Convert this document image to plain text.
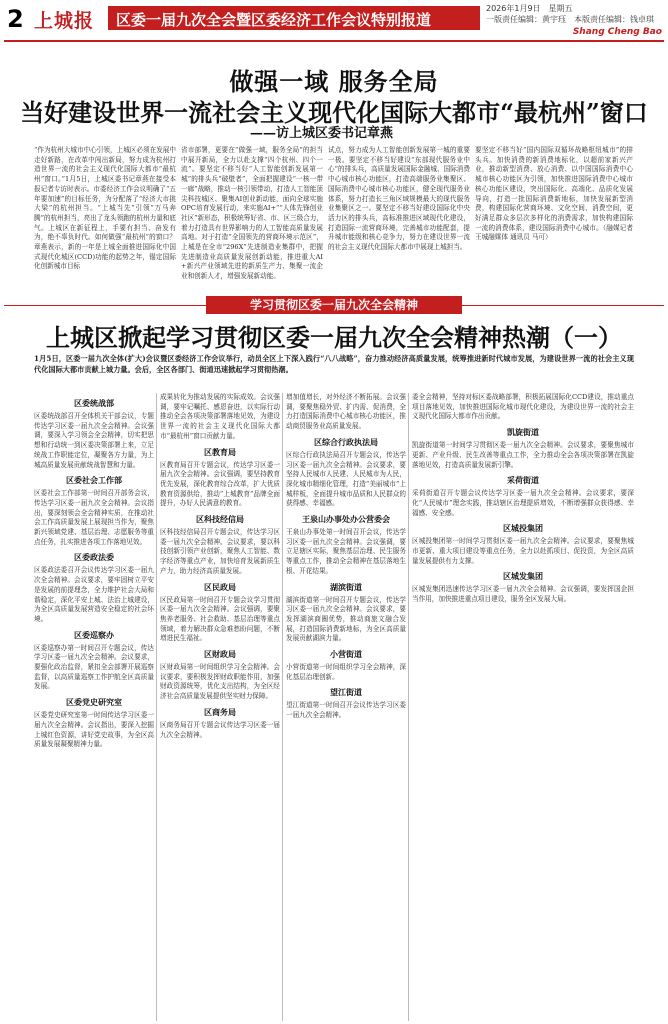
2 上城报 区委一届九次全会暨区委经济工作会议特别报道
2026年1月9日　星期五
一版责任编辑：黄宇珏　本版责任编辑：钱卓琪
Shang Cheng Bao
做强一域 服务全局
当好建设世界一流社会主义现代化国际大都市“最杭州”窗口
——访上城区委书记章燕
“作为杭州大城市中心引领，上城区必须在发展中走好新路，在改革中闯出新局，努力成为杭州打造世界一流的社会主义现代化国际大都市“最杭州”窗口。”1月5日，上城区委书记章燕在接受本报记者专访时表示。市委经济工作会议明确了“五年要加速”的目标任务，为分配落了“经济大市挑大梁”的杭州担当。“上城当先”引领“万马奔腾”的杭州担当，亮出了龙头领跑的杭州力量和底气。上城区在新征程上，手要有担当、奋发有为，绝不辜负时代。如何做强“最杭州”的窗口？章燕表示，新的一年是上城全面推进国际化中国式现代化城区(CCD)功能的起势之年，锚定国际化创新城市目标
省市部署，更要在“做强一域，服务全局”的担当中展开新局，全力以赴支撑“四个杭州、四个一流”。要坚定不移当好“人工智能创新发展第一城”的排头兵“破壁者”，全面把握建设“一核一带一廊”战略，推动一核引领带动，打造人工智能顶尖科技城区、聚集AI创业新动能，面向全球实施OPC培育发展行动，来实施AI+”“人体先锋创业社区”新形态，积极统筹好省、市、区三级合力，着力打造具有世界影响力的人工智能高质量发展高地。对于打造“全国领先的营商环境示范区”，上城是在全市“296X”先进制造业集群中，把握先进制造业高质量发展创新动能，推进重大AI+新兴产业领域先进的新质生产力、集聚一流企业和创新人才，增强发展新动能。
试点，努力成为人工智能创新发展第一城的重要一极。要坚定不移当好建设“东部现代服务业中心”的排头兵，高质量发展国际金融城、国际消费中心城市核心功能区，打造高端服务业集聚区、国际消费中心城市核心功能区，健全现代服务业体系，努力打造长三角区域规模最大的现代服务业集聚区之一。要坚定不移当好建设国际化中央活力区的排头兵，高标准推进区域现代化建设，打造国际一流营商环境，完善城市功能配套，提升城市能级和核心竞争力，努力在建设世界一流的社会主义现代化国际大都市中展现上城担当。
要坚定不移当好“国内国际双循环战略枢纽城市”的排头兵。加快消费的新消费地标化，以超前家新兴产业，推动新型消费、放心消费、以中国国际消费中心城市核心功能区为引领，加快推进国际消费中心城市核心功能区建设，突出国际化、高端化、品质化发展导向，打造一批国际消费新地标，加快发展新型消费，构建国际化营商环境、文化空间、消费空间，更好满足群众多层次多样化的消费需求，加快构建国际一流的消费体系，建设国际消费中心城市。（融媒记者 王城融媒体 通讯员 马可）
学习贯彻区委一届九次全会精神
上城区掀起学习贯彻区委一届九次全会精神热潮（一）
1月5日，区委一届九次全体(扩大)会议暨区委经济工作会议举行，动员全区上下深入践行“八八战略”，奋力推动经济高质量发展，统筹推进新时代城市发展，为建设世界一流的社会主义现代化国际大都市贡献上城力量。会后，全区各部门、街道迅速掀起学习贯彻热潮。
区委统战部
区委统战部召开全体机关干部会议，专题传达学习区委一届九次全会精神。会议强调，要深入学习领会全会精神，切实把思想和行动统一到区委决策部署上来，立足统战工作职能定位，凝聚各方力量，为上城高质量发展贡献统战智慧和力量。
区委社会工作部
区委社会工作部第一时间召开部务会议，传达学习区委一届九次全会精神。会议指出，要深刻领会全会精神实质，在推动社会工作高质量发展上展现担当作为，聚焦新兴领域党建、基层治理、志愿服务等重点任务，扎实推进各项工作落地见效。
区委政法委
区委政法委召开会议传达学习区委一届九次全会精神。会议要求，要牢固树立平安是发展的前提理念，全力维护社会大局和谐稳定，深化平安上城、法治上城建设，为全区高质量发展营造安全稳定的社会环境。
区委巡察办
区委巡察办第一时间召开专题会议，传达学习区委一届九次全会精神。会议要求，要强化政治监督，紧扣全会部署开展巡察监督，以高质量巡察工作护航全区高质量发展。
区委党史研究室
区委党史研究室第一时间传达学习区委一届九次全会精神。会议指出，要深入挖掘上城红色资源，讲好党史故事，为全区高质量发展凝聚精神力量。
成果转化为推动发展的实际成效。会议强调，要牢记嘱托、感恩奋进，以实际行动推动全会各项决策部署落地见效，为建设世界一流的社会主义现代化国际大都市“最杭州”窗口贡献力量。
区教育局
区教育局召开专题会议，传达学习区委一届九次全会精神。会议强调，要坚持教育优先发展，深化教育综合改革，扩大优质教育资源供给，推动“上城教育”品牌全面提升，办好人民满意的教育。
区科技经信局
区科技经信局召开专题会议，传达学习区委一届九次全会精神。会议要求，要以科技创新引领产业创新，聚焦人工智能、数字经济等重点产业，加快培育发展新质生产力，助力经济高质量发展。
区民政局
区民政局第一时间召开专题会议学习贯彻区委一届九次全会精神。会议强调，要聚焦养老服务、社会救助、基层治理等重点领域，着力解决群众急难愁盼问题，不断增进民生福祉。
区财政局
区财政局第一时间组织学习全会精神。会议要求，要积极发挥财政职能作用，加强财政资源统筹，优化支出结构，为全区经济社会高质量发展提供坚实财力保障。
区商务局
区商务局召开专题会议传达学习区委一届九次全会精神。
增加值增长，对外经济不断拓展。会议强调，要聚焦稳外贸、扩内需、促消费，全力打造国际消费中心城市核心功能区，推动商贸服务业高质量发展。
区综合行政执法局
区综合行政执法局召开专题会议，传达学习区委一届九次全会精神。会议要求，要坚持人民城市人民建、人民城市为人民，深化城市精细化管理，打造“美丽城市”上城样板，全面提升城市品质和人民群众的获得感、幸福感。
王泉山办事处办公营委会
王泉山办事处第一时间召开会议，传达学习区委一届九次全会精神。会议强调，要立足辖区实际，聚焦基层治理、民生服务等重点工作，推动全会精神在基层落地生根、开花结果。
湖滨街道
湖滨街道第一时间召开专题会议，传达学习区委一届九次全会精神。会议要求，要发挥湖滨商圈优势，推动商旅文融合发展，打造国际消费新地标，为全区高质量发展贡献湖滨力量。
小营街道
小营街道第一时间组织学习全会精神，深化基层治理创新。
望江街道
望江街道第一时间召开会议传达学习区委一届九次全会精神。
委全会精神，坚持对标区委战略部署，积极拓展国际化CCD建设，推动重点项目落地见效，加快推进国际化城市现代化建设，为建设世界一流的社会主义现代化国际大都市作出贡献。
凯旋街道
凯旋街道第一时间学习贯彻区委一届九次全会精神。会议要求，要聚焦城市更新、产业升级、民生改善等重点工作，全力推动全会各项决策部署在凯旋落地见效，打造高质量发展新引擎。
采荷街道
采荷街道召开专题会议传达学习区委一届九次全会精神。会议要求，要深化“人民城市”理念实践，推动辖区治理提质增效，不断增强群众获得感、幸福感、安全感。
区城投集团
区城投集团第一时间学习贯彻区委一届九次全会精神。会议要求，要聚焦城市更新、重大项目建设等重点任务，全力以赴抓项目、促投资，为全区高质量发展提供有力支撑。
区城发集团
区城发集团迅速传达学习区委一届九次全会精神。会议强调，要发挥国企担当作用，加快推进重点项目建设，服务全区发展大局。
